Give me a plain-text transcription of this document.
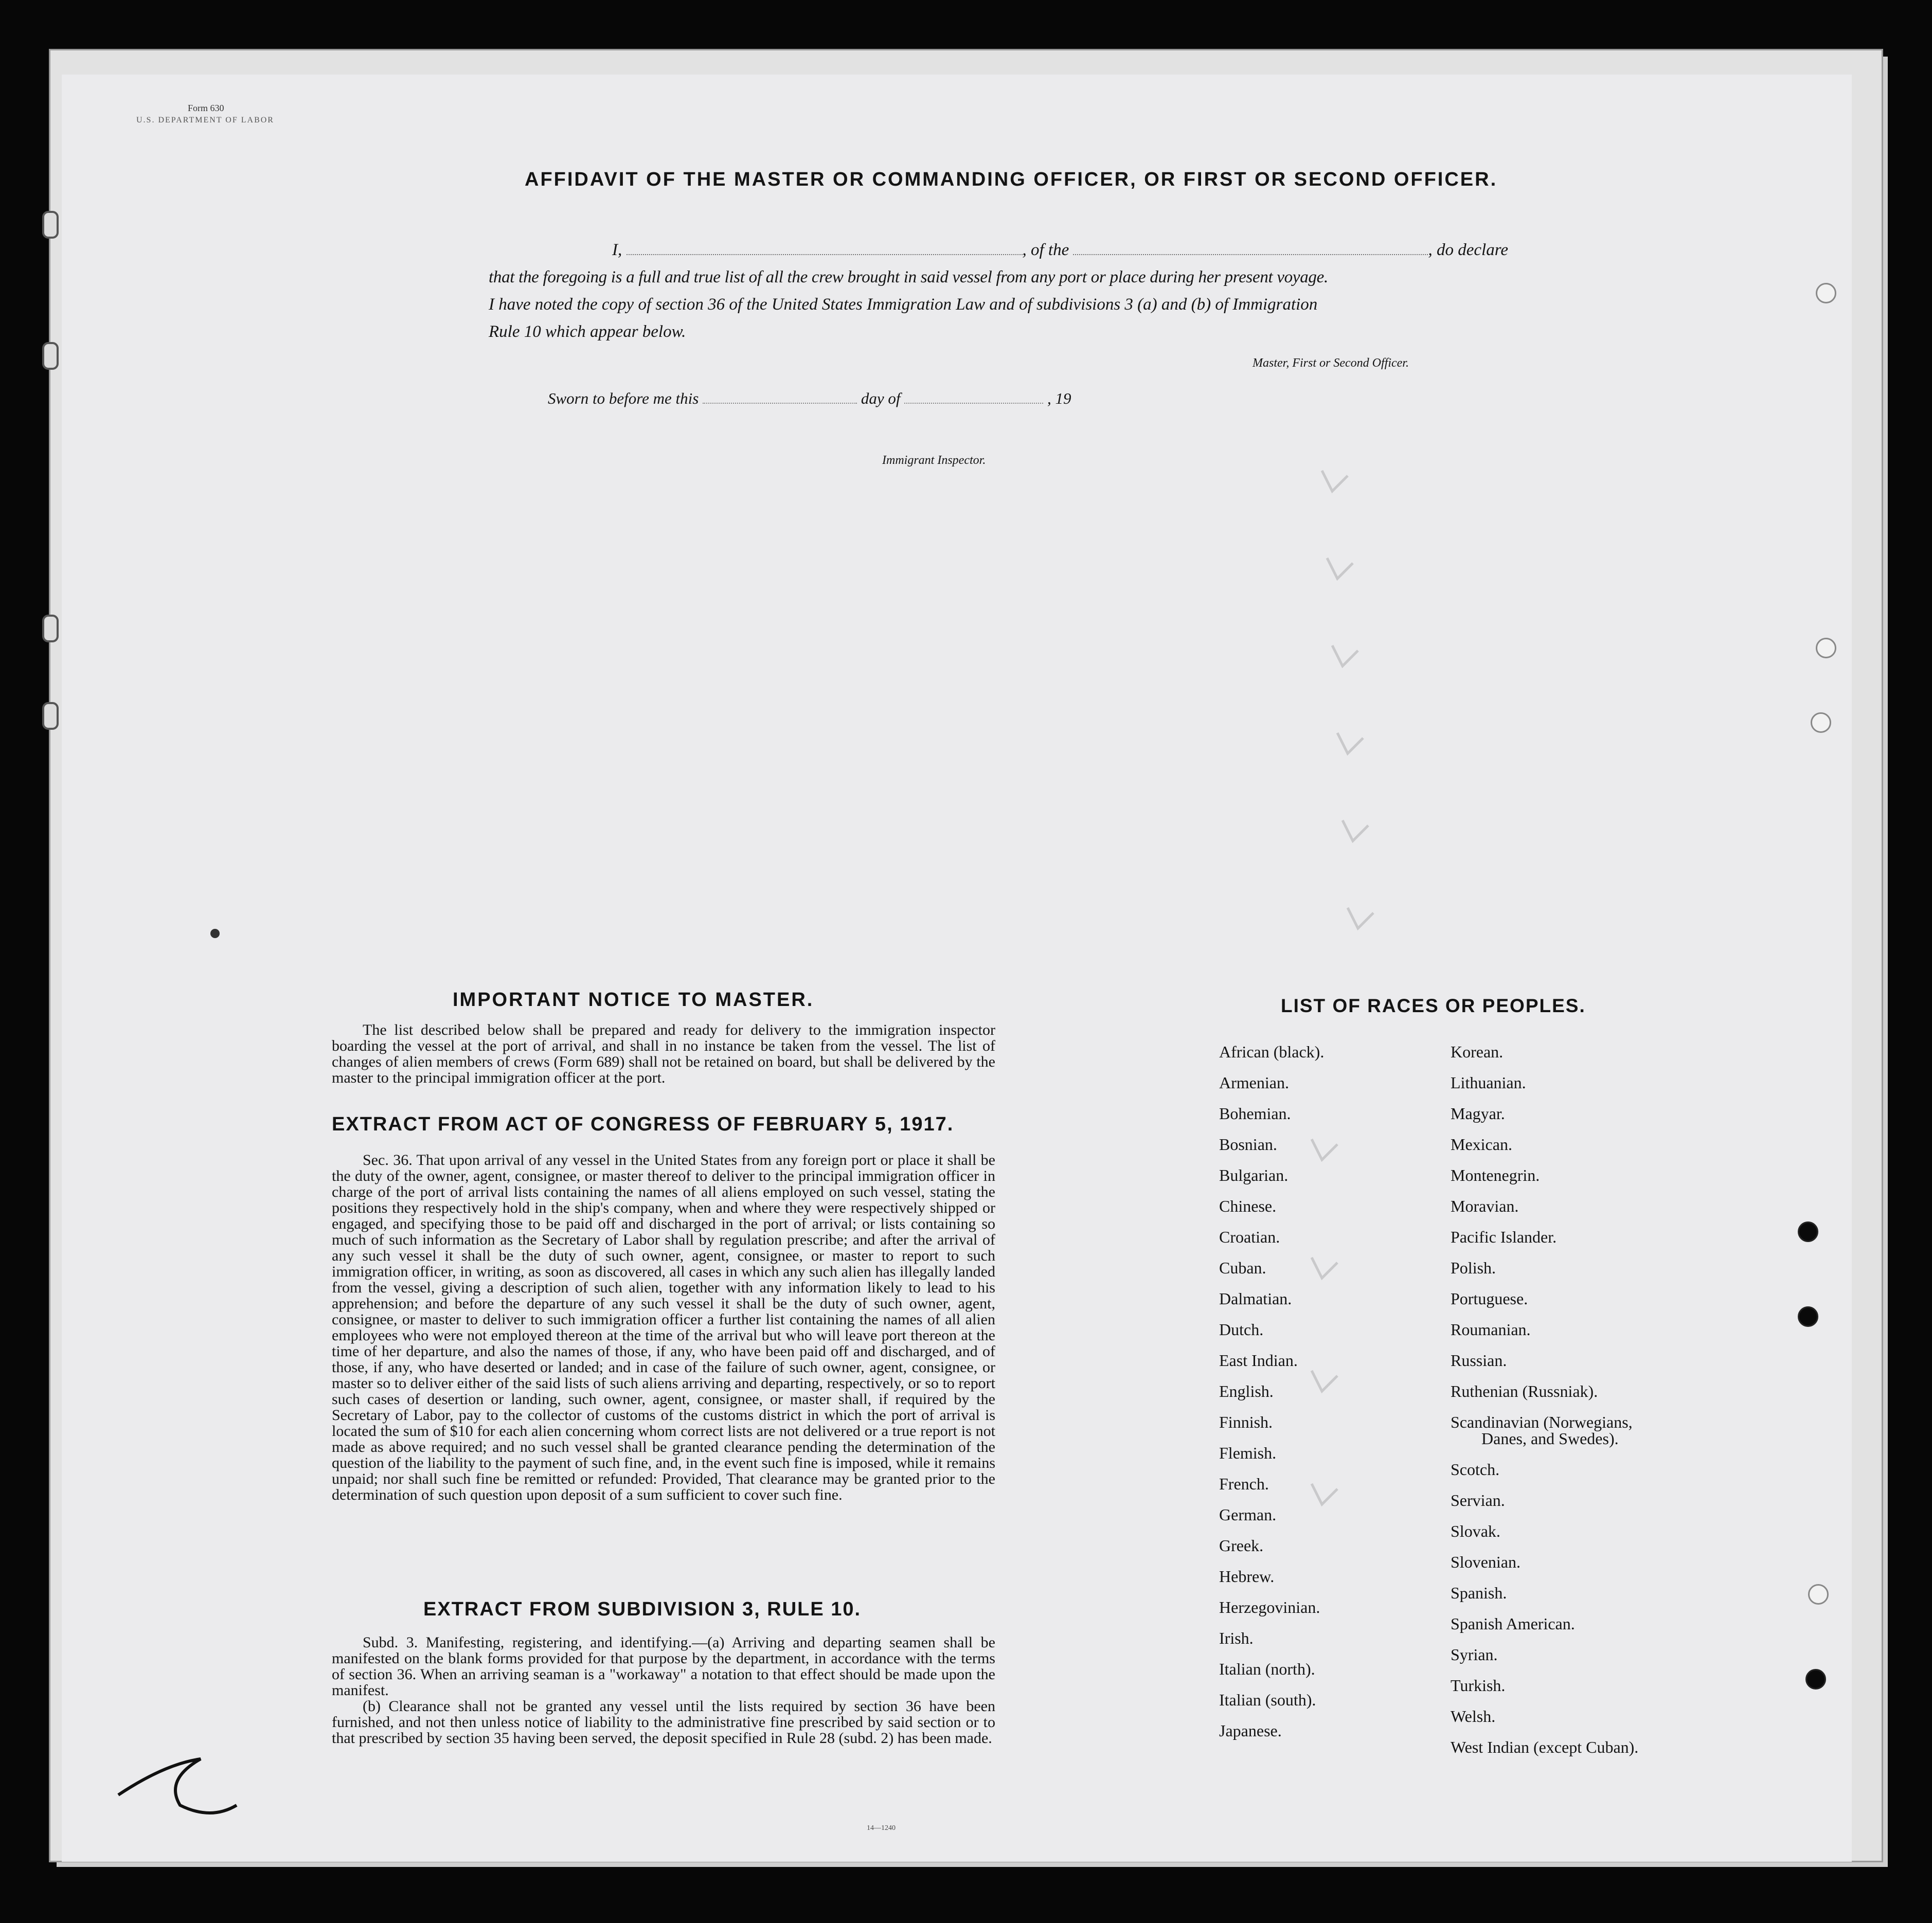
Form 630
U.S. DEPARTMENT OF LABOR
AFFIDAVIT OF THE MASTER OR COMMANDING OFFICER, OR FIRST OR SECOND OFFICER.
I,	, of the	, do declare
that the foregoing is a full and true list of all the crew brought in said vessel from any port or place during her present voyage.
I have noted the copy of section 36 of the United States Immigration Law and of subdivisions 3 (a) and (b) of Immigration
Rule 10 which appear below.
Master, First or Second Officer.
Sworn to before me this	day of	, 19
Immigrant Inspector.
IMPORTANT NOTICE TO MASTER.
The list described below shall be prepared and ready for delivery to the immigration inspector boarding the vessel at the port of arrival, and shall in no instance be taken from the vessel. The list of changes of alien members of crews (Form 689) shall not be retained on board, but shall be delivered by the master to the principal immigration officer at the port.
EXTRACT FROM ACT OF CONGRESS OF FEBRUARY 5, 1917.
Sec. 36. That upon arrival of any vessel in the United States from any foreign port or place it shall be the duty of the owner, agent, consignee, or master thereof to deliver to the principal immigration officer in charge of the port of arrival lists containing the names of all aliens employed on such vessel, stating the positions they respectively hold in the ship's company, when and where they were respectively shipped or engaged, and specifying those to be paid off and discharged in the port of arrival; or lists containing so much of such information as the Secretary of Labor shall by regulation prescribe; and after the arrival of any such vessel it shall be the duty of such owner, agent, consignee, or master to report to such immigration officer, in writing, as soon as discovered, all cases in which any such alien has illegally landed from the vessel, giving a description of such alien, together with any information likely to lead to his apprehension; and before the departure of any such vessel it shall be the duty of such owner, agent, consignee, or master to deliver to such immigration officer a further list containing the names of all alien employees who were not employed thereon at the time of the arrival but who will leave port thereon at the time of her departure, and also the names of those, if any, who have been paid off and discharged, and of those, if any, who have deserted or landed; and in case of the failure of such owner, agent, consignee, or master so to deliver either of the said lists of such aliens arriving and departing, respectively, or so to report such cases of desertion or landing, such owner, agent, consignee, or master shall, if required by the Secretary of Labor, pay to the collector of customs of the customs district in which the port of arrival is located the sum of $10 for each alien concerning whom correct lists are not delivered or a true report is not made as above required; and no such vessel shall be granted clearance pending the determination of the question of the liability to the payment of such fine, and, in the event such fine is imposed, while it remains unpaid; nor shall such fine be remitted or refunded: Provided, That clearance may be granted prior to the determination of such question upon deposit of a sum sufficient to cover such fine.
EXTRACT FROM SUBDIVISION 3, RULE 10.
Subd. 3. Manifesting, registering, and identifying.—(a) Arriving and departing seamen shall be manifested on the blank forms provided for that purpose by the department, in accordance with the terms of section 36. When an arriving seaman is a "workaway" a notation to that effect should be made upon the manifest.
(b) Clearance shall not be granted any vessel until the lists required by section 36 have been furnished, and not then unless notice of liability to the administrative fine prescribed by said section or to that prescribed by section 35 having been served, the deposit specified in Rule 28 (subd. 2) has been made.
14—1240
LIST OF RACES OR PEOPLES.
African (black).
Armenian.
Bohemian.
Bosnian.
Bulgarian.
Chinese.
Croatian.
Cuban.
Dalmatian.
Dutch.
East Indian.
English.
Finnish.
Flemish.
French.
German.
Greek.
Hebrew.
Herzegovinian.
Irish.
Italian (north).
Italian (south).
Japanese.
Korean.
Lithuanian.
Magyar.
Mexican.
Montenegrin.
Moravian.
Pacific Islander.
Polish.
Portuguese.
Roumanian.
Russian.
Ruthenian (Russniak).
Scandinavian (Norwegians,
Danes, and Swedes).
Scotch.
Servian.
Slovak.
Slovenian.
Spanish.
Spanish American.
Syrian.
Turkish.
Welsh.
West Indian (except Cuban).
